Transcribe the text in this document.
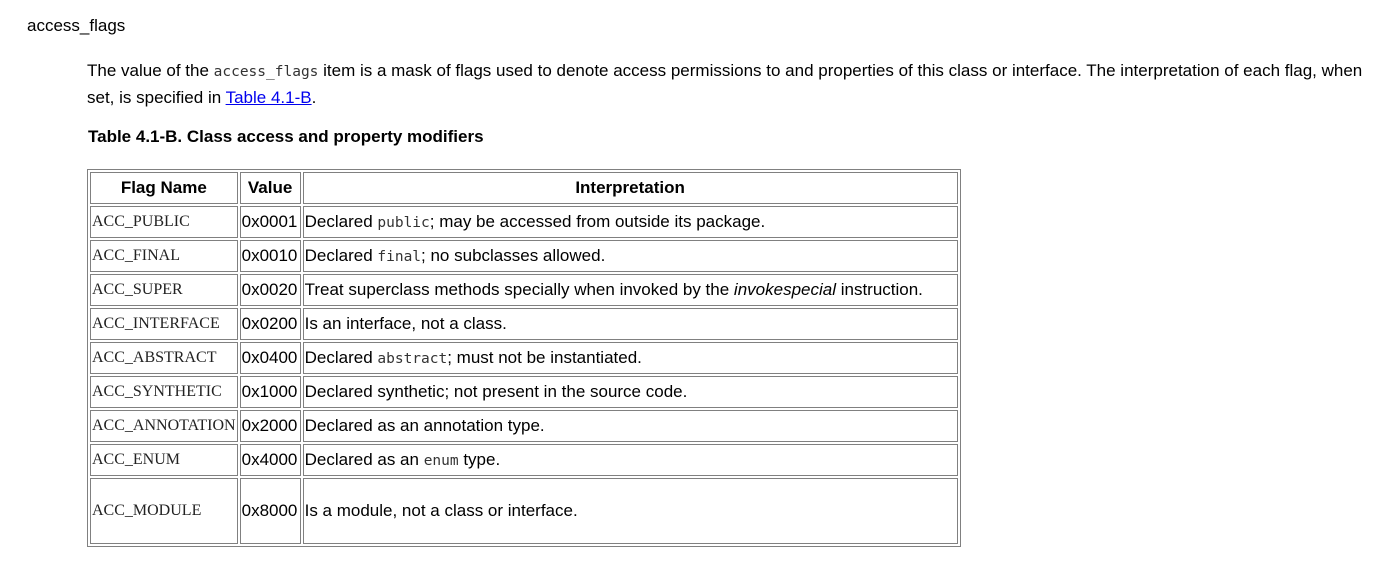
access_flags

The value of the access_flags item is a mask of flags used to denote access permissions to and properties of this class or interface. The interpretation of each flag, when set, is specified in Table 4.1-B.

Table 4.1-B. Class access and property modifiers

Flag Name	Value	Interpretation
ACC_PUBLIC	0x0001	Declared public; may be accessed from outside its package.
ACC_FINAL	0x0010	Declared final; no subclasses allowed.
ACC_SUPER	0x0020	Treat superclass methods specially when invoked by the invokespecial instruction.
ACC_INTERFACE	0x0200	Is an interface, not a class.
ACC_ABSTRACT	0x0400	Declared abstract; must not be instantiated.
ACC_SYNTHETIC	0x1000	Declared synthetic; not present in the source code.
ACC_ANNOTATION	0x2000	Declared as an annotation type.
ACC_ENUM	0x4000	Declared as an enum type.
ACC_MODULE	0x8000	Is a module, not a class or interface.
